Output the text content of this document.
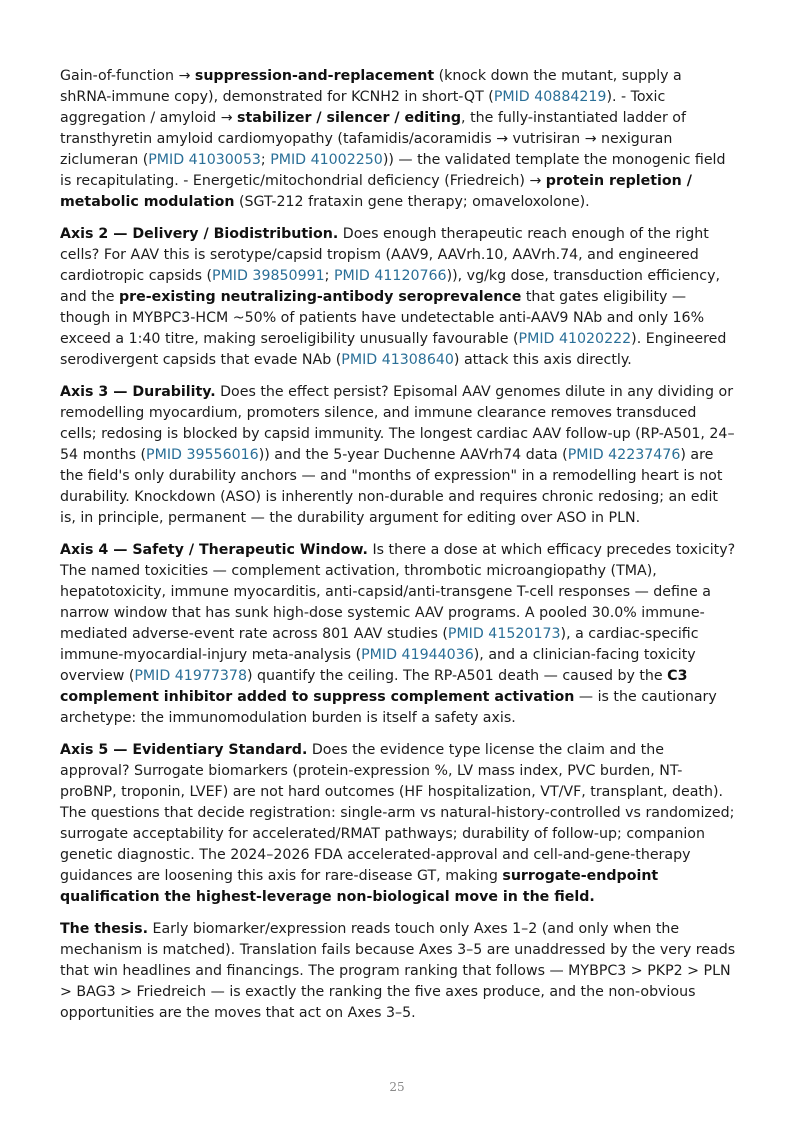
Gain-of-function → suppression-and-replacement (knock down the mutant, supply a shRNA-immune copy), demonstrated for KCNH2 in short-QT (PMID 40884219). - Toxic aggregation / amyloid → stabilizer / silencer / editing, the fully-instantiated ladder of transthyretin amyloid cardiomyopathy (tafamidis/acoramidis → vutrisiran → nexiguran ziclumeran (PMID 41030053; PMID 41002250)) — the validated template the monogenic field is recapitulating. - Energetic/mitochondrial deficiency (Friedreich) → protein repletion / metabolic modulation (SGT-212 frataxin gene therapy; omaveloxolone).

Axis 2 — Delivery / Biodistribution. Does enough therapeutic reach enough of the right cells? For AAV this is serotype/capsid tropism (AAV9, AAVrh.10, AAVrh.74, and engineered cardiotropic capsids (PMID 39850991; PMID 41120766)), vg/kg dose, transduction efficiency, and the pre-existing neutralizing-antibody seroprevalence that gates eligibility — though in MYBPC3-HCM ~50% of patients have undetectable anti-AAV9 NAb and only 16% exceed a 1:40 titre, making seroeligibility unusually favourable (PMID 41020222). Engineered serodivergent capsids that evade NAb (PMID 41308640) attack this axis directly.

Axis 3 — Durability. Does the effect persist? Episomal AAV genomes dilute in any dividing or remodelling myocardium, promoters silence, and immune clearance removes transduced cells; redosing is blocked by capsid immunity. The longest cardiac AAV follow-up (RP-A501, 24–54 months (PMID 39556016)) and the 5-year Duchenne AAVrh74 data (PMID 42237476) are the field's only durability anchors — and "months of expression" in a remodelling heart is not durability. Knockdown (ASO) is inherently non-durable and requires chronic redosing; an edit is, in principle, permanent — the durability argument for editing over ASO in PLN.

Axis 4 — Safety / Therapeutic Window. Is there a dose at which efficacy precedes toxicity? The named toxicities — complement activation, thrombotic microangiopathy (TMA), hepatotoxicity, immune myocarditis, anti-capsid/anti-transgene T-cell responses — define a narrow window that has sunk high-dose systemic AAV programs. A pooled 30.0% immune-mediated adverse-event rate across 801 AAV studies (PMID 41520173), a cardiac-specific immune-myocardial-injury meta-analysis (PMID 41944036), and a clinician-facing toxicity overview (PMID 41977378) quantify the ceiling. The RP-A501 death — caused by the C3 complement inhibitor added to suppress complement activation — is the cautionary archetype: the immunomodulation burden is itself a safety axis.

Axis 5 — Evidentiary Standard. Does the evidence type license the claim and the approval? Surrogate biomarkers (protein-expression %, LV mass index, PVC burden, NT-proBNP, troponin, LVEF) are not hard outcomes (HF hospitalization, VT/VF, transplant, death). The questions that decide registration: single-arm vs natural-history-controlled vs randomized; surrogate acceptability for accelerated/RMAT pathways; durability of follow-up; companion genetic diagnostic. The 2024–2026 FDA accelerated-approval and cell-and-gene-therapy guidances are loosening this axis for rare-disease GT, making surrogate-endpoint qualification the highest-leverage non-biological move in the field.

The thesis. Early biomarker/expression reads touch only Axes 1–2 (and only when the mechanism is matched). Translation fails because Axes 3–5 are unaddressed by the very reads that win headlines and financings. The program ranking that follows — MYBPC3 > PKP2 > PLN > BAG3 > Friedreich — is exactly the ranking the five axes produce, and the non-obvious opportunities are the moves that act on Axes 3–5.

25
